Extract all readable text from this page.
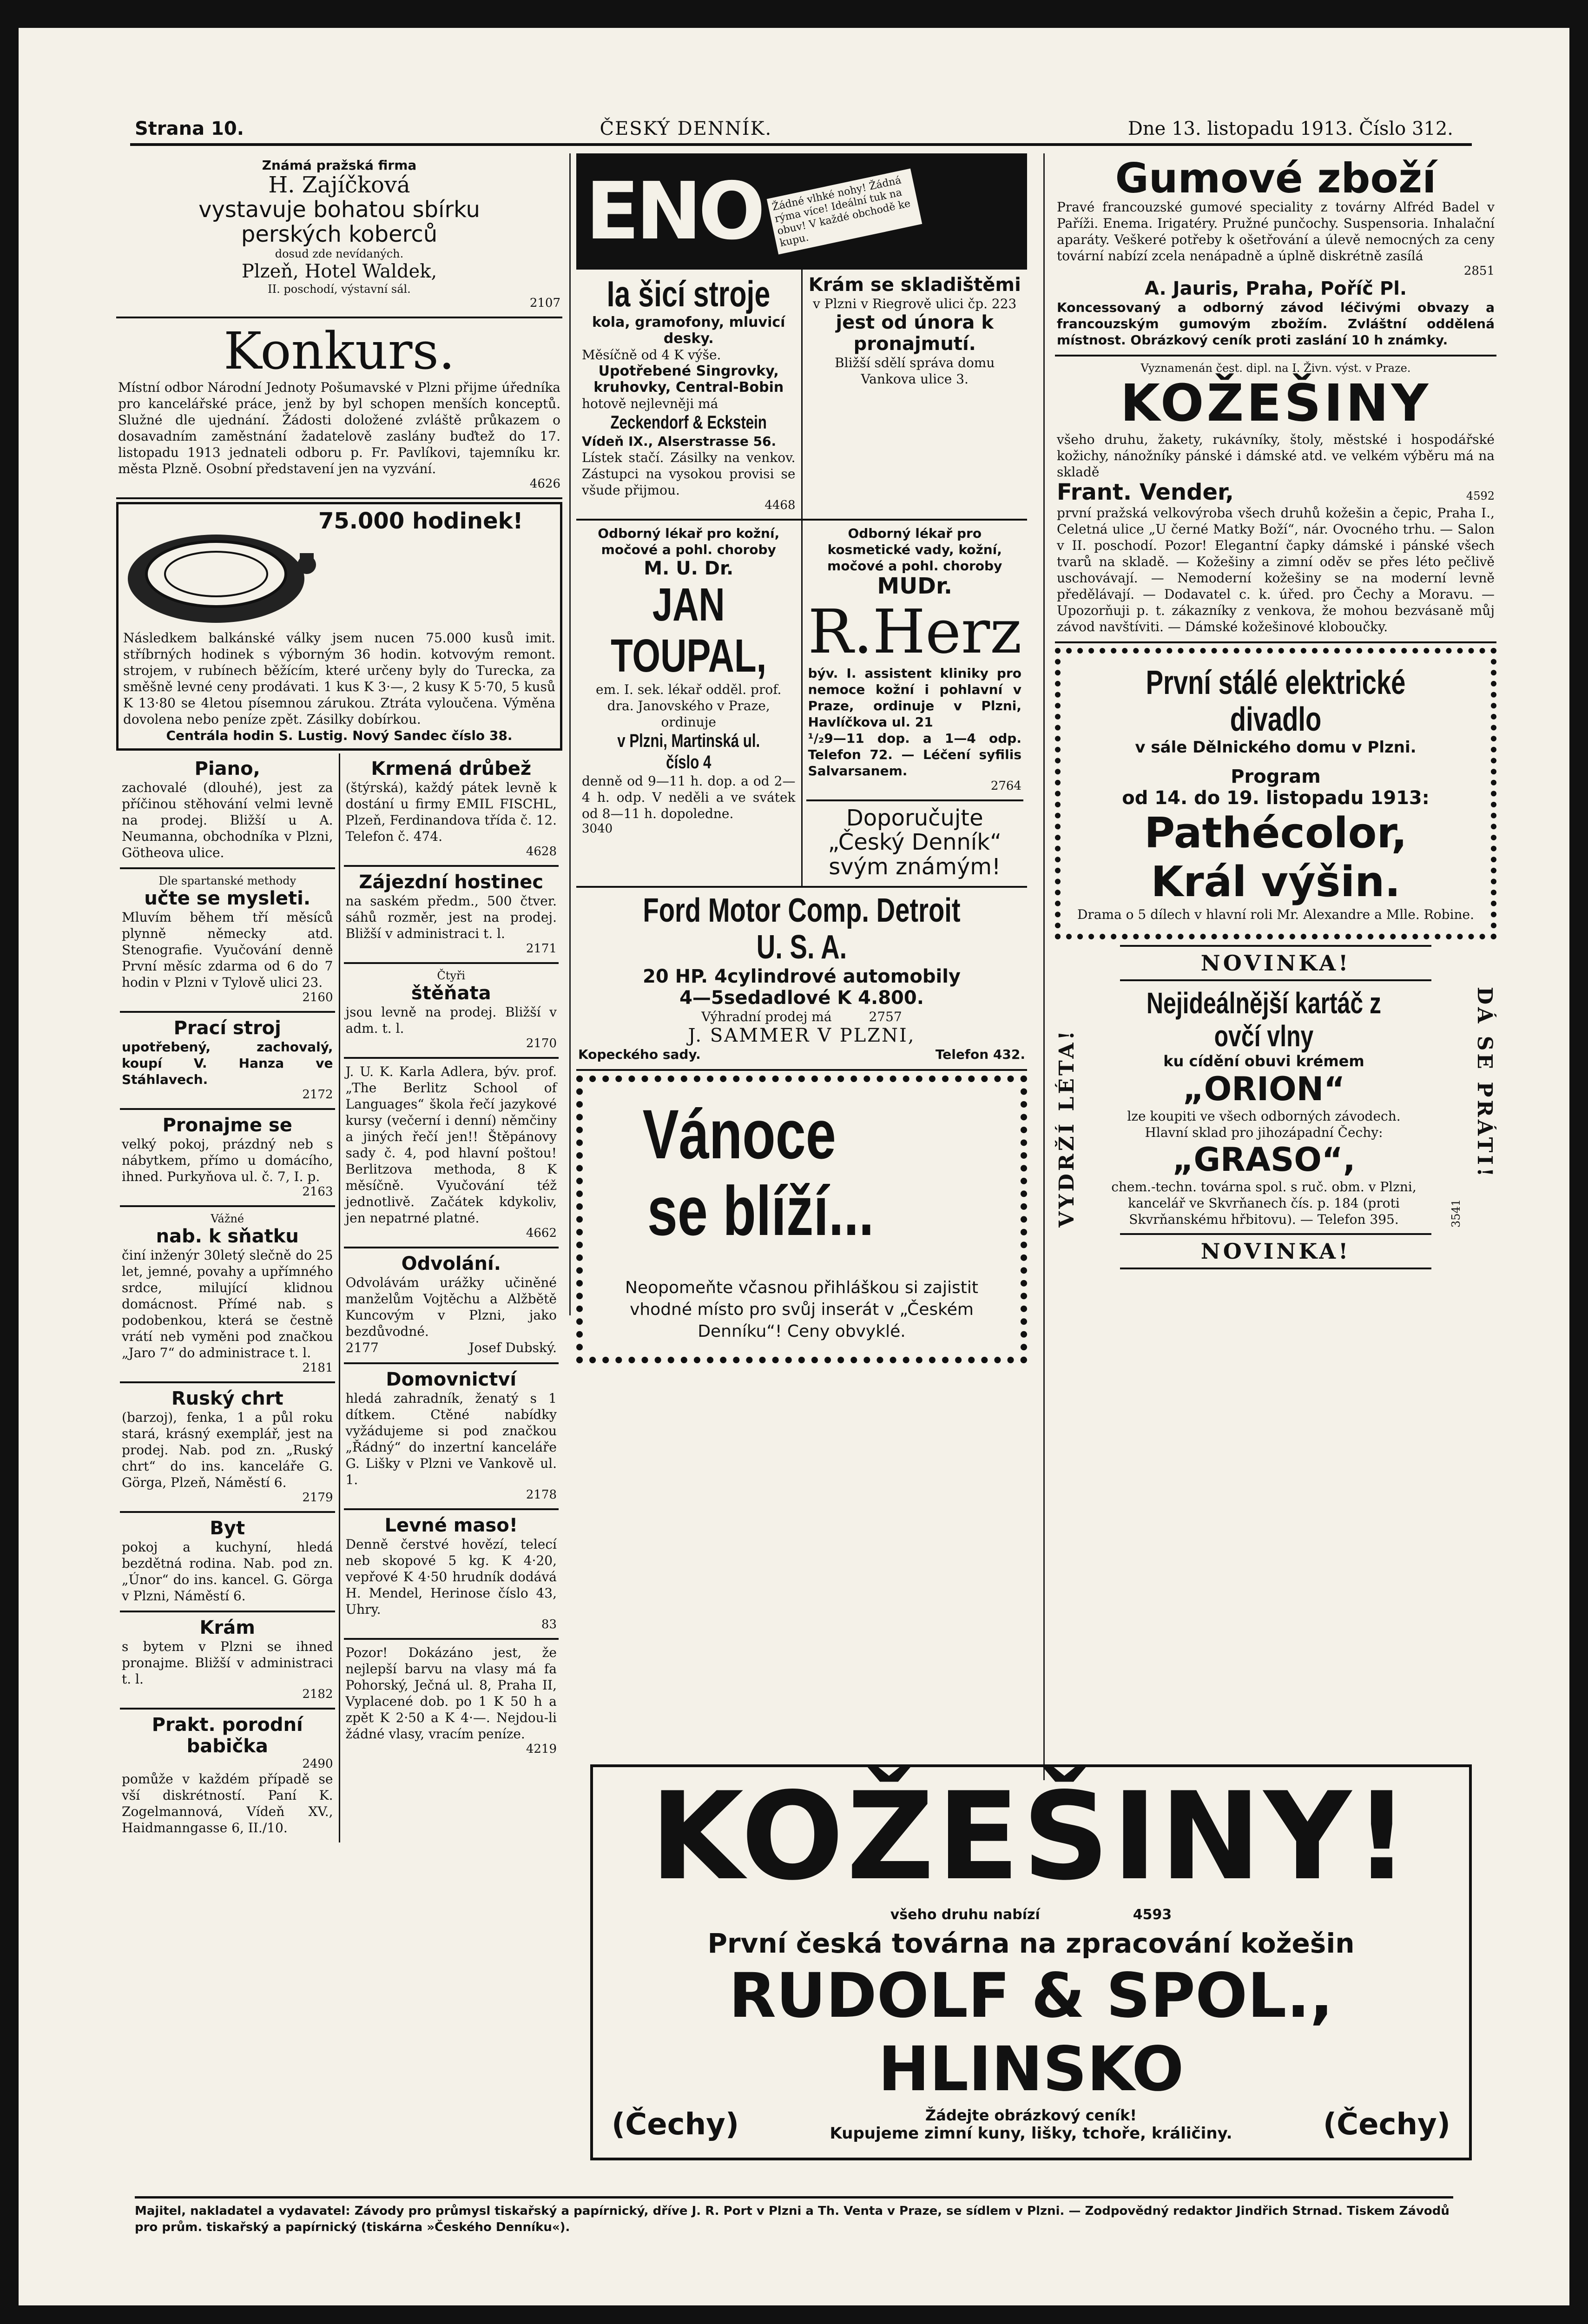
Strana 10.	ČESKÝ DENNÍK.	Dne 13. listopadu 1913. Číslo 312.
Známá pražská firma
H. Zajíčková
vystavuje bohatou sbírku
perských koberců
dosud zde nevídaných.
Plzeň, Hotel Waldek,
II. poschodí, výstavní sál.
2107
Konkurs.
Místní odbor Národní Jednoty Pošumavské v Plzni přijme úředníka pro kancelářské práce, jenž by byl schopen menších konceptů. Služné dle ujednání. Žádosti doložené zvláště průkazem o dosavadním zaměstnání žadatelově zaslány buďtež do 17. listopadu 1913 jednateli odboru p. Fr. Pavlíkovi, tajemníku kr. města Plzně. Osobní představení jen na vyzvání.
4626
75.000 hodinek!
Následkem balkánské války jsem nucen 75.000 kusů imit. stříbrných hodinek s výborným 36 hodin. kotvovým remont. strojem, v rubínech běžícím, které určeny byly do Turecka, za směšně levné ceny prodávati. 1 kus K 3·—, 2 kusy K 5·70, 5 kusů K 13·80 se 4letou písemnou zárukou. Ztráta vyloučena. Výměna dovolena nebo peníze zpět. Zásilky dobírkou.
Centrála hodin S. Lustig. Nový Sandec číslo 38.
Piano,
zachovalé (dlouhé), jest za příčinou stěhování velmi levně na prodej. Bližší u A. Neumanna, obchodníka v Plzni, Götheova ulice.
Dle spartanské methody
učte se mysleti.
Mluvím během tří měsíců plynně německy atd. Stenografie. Vyučování denně První měsíc zdarma od 6 do 7 hodin v Plzni v Tylově ulici 23.
2160
Prací stroj
upotřebený, zachovalý, koupí V. Hanza ve Stáhlavech.
2172
Pronajme se
velký pokoj, prázdný neb s nábytkem, přímo u domácího, ihned. Purkyňova ul. č. 7, I. p.
2163
Vážné
nab. k sňatku
činí inženýr 30letý slečně do 25 let, jemné, povahy a upřímného srdce, milující klidnou domácnost. Přímé nab. s podobenkou, která se čestně vrátí neb vyměni pod značkou „Jaro 7“ do administrace t. l.
2181
Ruský chrt
(barzoj), fenka, 1 a půl roku stará, krásný exemplář, jest na prodej. Nab. pod zn. „Ruský chrt“ do ins. kanceláře G. Görga, Plzeň, Náměstí 6.
2179
Byt
pokoj a kuchyní, hledá bezdětná rodina. Nab. pod zn. „Únor“ do ins. kancel. G. Görga v Plzni, Náměstí 6.
Krám
s bytem v Plzni se ihned pronajme. Bližší v administraci t. l.
2182
Prakt. porodní babička
2490
pomůže v každém případě se vší diskrétností. Paní K. Zogelmannová, Vídeň XV., Haidmanngasse 6, II./10.
Krmená drůbež
(štýrská), každý pátek levně k dostání u firmy EMIL FISCHL, Plzeň, Ferdinandova třída č. 12. Telefon č. 474.
4628
Zájezdní hostinec
na saském předm., 500 čtver. sáhů rozměr, jest na prodej. Bližší v administraci t. l.
2171
Čtyři
štěňata
jsou levně na prodej. Bližší v adm. t. l.
2170
J. U. K. Karla Adlera, býv. prof. „The Berlitz School of Languages“ škola řečí jazykové kursy (večerní i denní) němčiny a jiných řečí jen!! Štěpánovy sady č. 4, pod hlavní poštou! Berlitzova methoda, 8 K měsíčně. Vyučování též jednotlivě. Začátek kdykoliv, jen nepatrné platné.
4662
Odvolání.
Odvolávám urážky učiněné manželům Vojtěchu a Alžbětě Kuncovým v Plzni, jako bezdůvodné.
2177	Josef Dubský.
Domovnictví
hledá zahradník, ženatý s 1 dítkem. Ctěné nabídky vyžádujeme si pod značkou „Řádný“ do inzertní kanceláře G. Lišky v Plzni ve Vankově ul. 1.
2178
Levné maso!
Denně čerstvé hovězí, telecí neb skopové 5 kg. K 4·20, vepřové K 4·50 hrudník dodává H. Mendel, Herinose číslo 43, Uhry.
83
Pozor! Dokázáno jest, že nejlepší barvu na vlasy má fa Pohorský, Ječná ul. 8, Praha II, Vyplacené dob. po 1 K 50 h a zpět K 2·50 a K 4·—. Nejdou-li žádné vlasy, vracím peníze.
4219
ENO Žádné vlhké nohy! Žádná rýma více! Ideální tuk na obuv! V každé obchodě ke kupu.
Ia šicí stroje
kola, gramofony, mluvicí desky.
Měsíčně od 4 K výše.
Upotřebené Singrovky, kruhovky, Central-Bobin
hotově nejlevněji má
Zeckendorf & Eckstein
Vídeň IX., Alserstrasse 56.
Lístek stačí. Zásilky na venkov. Zástupci na vysokou provisi se všude přijmou.
4468
Krám se skladištěmi
v Plzni v Riegrově ulici čp. 223
jest od února k pronajmutí.
Bližší sdělí správa domu Vankova ulice 3.
Odborný lékař pro kožní, močové a pohl. choroby
M. U. Dr.
JAN TOUPAL,
em. I. sek. lékař odděl. prof. dra. Janovského v Praze, ordinuje
v Plzni, Martinská ul. číslo 4
denně od 9—11 h. dop. a od 2—4 h. odp. V neděli a ve svátek od 8—11 h. dopoledne.
3040
Odborný lékař pro kosmetické vady, kožní, močové a pohl. choroby
MUDr.
R.Herz
býv. I. assistent kliniky pro nemoce kožní i pohlavní v Praze, ordinuje v Plzni, Havlíčkova ul. 21
¹/₂9—11 dop. a 1—4 odp. Telefon 72. — Léčení syfilis Salvarsanem.
2764
Doporučujte
„Český Denník“
svým známým!
Ford Motor Comp. Detroit U. S. A.
20 HP. 4cylindrové automobily
4—5sedadlové K 4.800.
Výhradní prodej má	2757
J. SAMMER V PLZNI,
Kopeckého sady.	Telefon 432.
Vánoce se blíží...
Neopomeňte včasnou přihláškou si zajistit vhodné místo pro svůj inserát v „Českém Denníku“! Ceny obvyklé.
Gumové zboží
Pravé francouzské gumové speciality z továrny Alfréd Badel v Paříži. Enema. Irigatéry. Pružné punčochy. Suspensoria. Inhalační aparáty. Veškeré potřeby k ošetřování a úlevě nemocných za ceny tovární nabízí zcela nenápadně a úplně diskrétně zasílá
2851
A. Jauris, Praha, Poříč Pl.
Koncessovaný a odborný závod léčivými obvazy a francouzským gumovým zbožím. Zvláštní oddělená místnost. Obrázkový ceník proti zaslání 10 h známky.
Vyznamenán čest. dipl. na I. Živn. výst. v Praze.
KOŽEŠINY
všeho druhu, žakety, rukávníky, štoly, městské i hospodářské kožichy, nánožníky pánské i dámské atd. ve velkém výběru má na skladě
Frant. Vender,	4592
první pražská velkovýroba všech druhů kožešin a čepic, Praha I., Celetná ulice „U černé Matky Boží“, nár. Ovocného trhu. — Salon v II. poschodí. Pozor! Elegantní čapky dámské i pánské všech tvarů na skladě. — Kožešiny a zimní oděv se přes léto pečlivě uschovávají. — Nemoderní kožešiny se na moderní levně předělávají. — Dodavatel c. k. úřed. pro Čechy a Moravu. — Upozorňuji p. t. zákazníky z venkova, že mohou bezvásaně můj závod navštíviti. — Dámské kožešinové kloboučky.
První stálé elektrické divadlo
v sále Dělnického domu v Plzni.
Program
od 14. do 19. listopadu 1913:
Pathécolor,
Král výšin.
Drama o 5 dílech v hlavní roli Mr. Alexandre a Mlle. Robine.
NOVINKA!
VYDRŽÍ LÉTA!
Nejideálnější kartáč z ovčí vlny
ku cídění obuvi krémem
„ORION“
lze koupiti ve všech odborných závodech.
Hlavní sklad pro jihozápadní Čechy:
„GRASO“,
chem.-techn. továrna spol. s ruč. obm. v Plzni, kancelář ve Skvrňanech čís. p. 184 (proti Skvrňanskému hřbitovu). — Telefon 395.
DÁ SE PRÁTI!
3541
NOVINKA!
KOŽEŠINY!
všeho druhu nabízí	4593
První česká továrna na zpracování kožešin
RUDOLF & SPOL., HLINSKO
(Čechy)	Žádejte obrázkový ceník!
Kupujeme zimní kuny, lišky, tchoře, králičiny.	(Čechy)
Majitel, nakladatel a vydavatel: Závody pro průmysl tiskařský a papírnický, dříve J. R. Port v Plzni a Th. Venta v Praze, se sídlem v Plzni. — Zodpovědný redaktor Jindřich Strnad. Tiskem Závodů pro prům. tiskařský a papírnický (tiskárna »Českého Denníku«).
